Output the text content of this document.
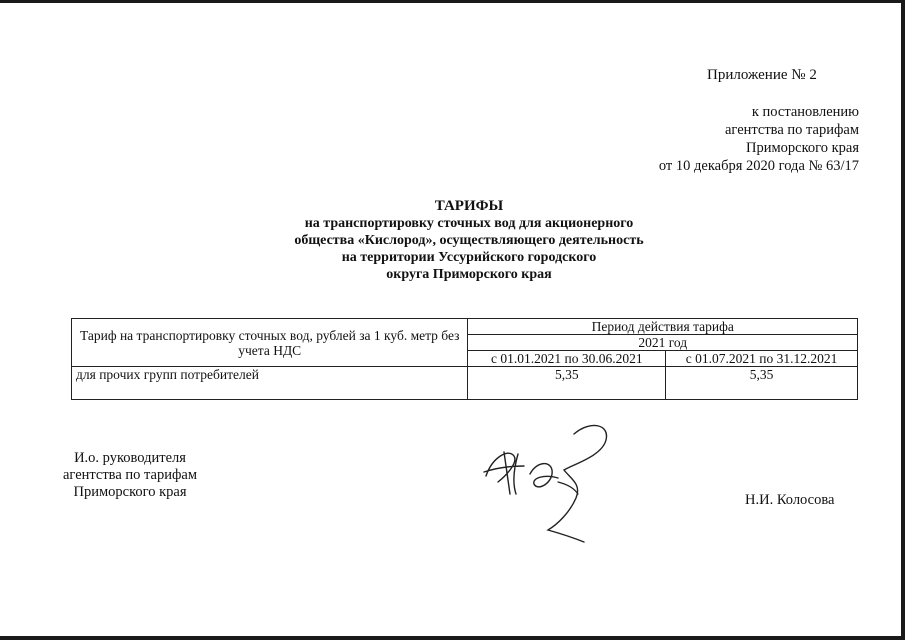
Приложение № 2
к постановлению
агентства по тарифам
Приморского края
от 10 декабря 2020 года № 63/17
ТАРИФЫ
на транспортировку сточных вод для акционерного
общества «Кислород», осуществляющего деятельность
на территории Уссурийского городского
округа Приморского края
Тариф на транспортировку сточных вод, рублей за 1 куб. метр без учета НДС	Период действия тарифа	
	2021 год	
	с 01.01.2021 по 30.06.2021	с 01.07.2021 по 31.12.2021
для прочих групп потребителей	5,35	5,35
И.о. руководителя
агентства по тарифам
Приморского края	Н.И. Колосова
